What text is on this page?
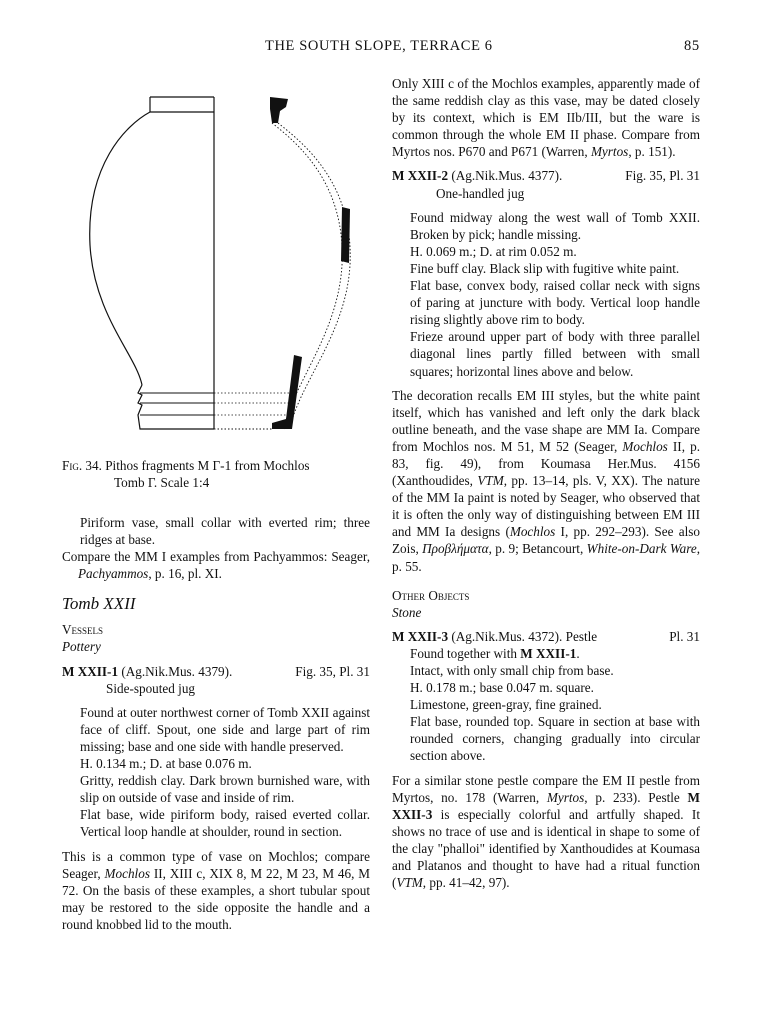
THE SOUTH SLOPE, TERRACE 6	85
Fig. 34. Pithos fragments Μ Γ-1 from Mochlos
Tomb Γ. Scale 1:4

Piriform vase, small collar with everted rim; three ridges at base.

Compare the MM I examples from Pachyammos: Seager, Pachyammos, p. 16, pl. XI.

Tomb XXII
Vessels
Pottery
M XXII-1 (Ag.Nik.Mus. 4379).	Fig. 35, Pl. 31
Side-spouted jug

Found at outer northwest corner of Tomb XXII against face of cliff. Spout, one side and large part of rim missing; base and one side with handle preserved.

H. 0.134 m.; D. at base 0.076 m.

Gritty, reddish clay. Dark brown burnished ware, with slip on outside of vase and inside of rim.

Flat base, wide piriform body, raised everted collar. Vertical loop handle at shoulder, round in section.

This is a common type of vase on Mochlos; compare Seager, Mochlos II, XIII c, XIX 8, M 22, M 23, M 46, M 72. On the basis of these examples, a short tubular spout may be restored to the side opposite the handle and a round knobbed lid to the mouth.

Only XIII c of the Mochlos examples, apparently made of the same reddish clay as this vase, may be dated closely by its context, which is EM IIb/III, but the ware is common through the whole EM II phase. Compare from Myrtos nos. P670 and P671 (Warren, Myrtos, p. 151).

M XXII-2 (Ag.Nik.Mus. 4377).	Fig. 35, Pl. 31
One-handled jug

Found midway along the west wall of Tomb XXII. Broken by pick; handle missing.

H. 0.069 m.; D. at rim 0.052 m.

Fine buff clay. Black slip with fugitive white paint.

Flat base, convex body, raised collar neck with signs of paring at juncture with body. Vertical loop handle rising slightly above rim to body.

Frieze around upper part of body with three parallel diagonal lines partly filled between with small squares; horizontal lines above and below.

The decoration recalls EM III styles, but the white paint itself, which has vanished and left only the dark black outline beneath, and the vase shape are MM Ia. Compare from Mochlos nos. M 51, M 52 (Seager, Mochlos II, p. 83, fig. 49), from Koumasa Her.Mus. 4156 (Xanthoudides, VTM, pp. 13–14, pls. V, XX). The nature of the MM Ia paint is noted by Seager, who observed that it is often the only way of distinguishing between EM III and MM Ia designs (Mochlos I, pp. 292–293). See also Zois, Προβλήματα, p. 9; Betancourt, White-on-Dark Ware, p. 55.

Other Objects
Stone
M XXII-3 (Ag.Nik.Mus. 4372). Pestle	Pl. 31

Found together with M XXII-1.

Intact, with only small chip from base.

H. 0.178 m.; base 0.047 m. square.

Limestone, green-gray, fine grained.

Flat base, rounded top. Square in section at base with rounded corners, changing gradually into circular section above.

For a similar stone pestle compare the EM II pestle from Myrtos, no. 178 (Warren, Myrtos, p. 233). Pestle M XXII-3 is especially colorful and artfully shaped. It shows no trace of use and is identical in shape to some of the clay "phalloi" identified by Xanthoudides at Koumasa and Platanos and thought to have had a ritual function (VTM, pp. 41–42, 97).
